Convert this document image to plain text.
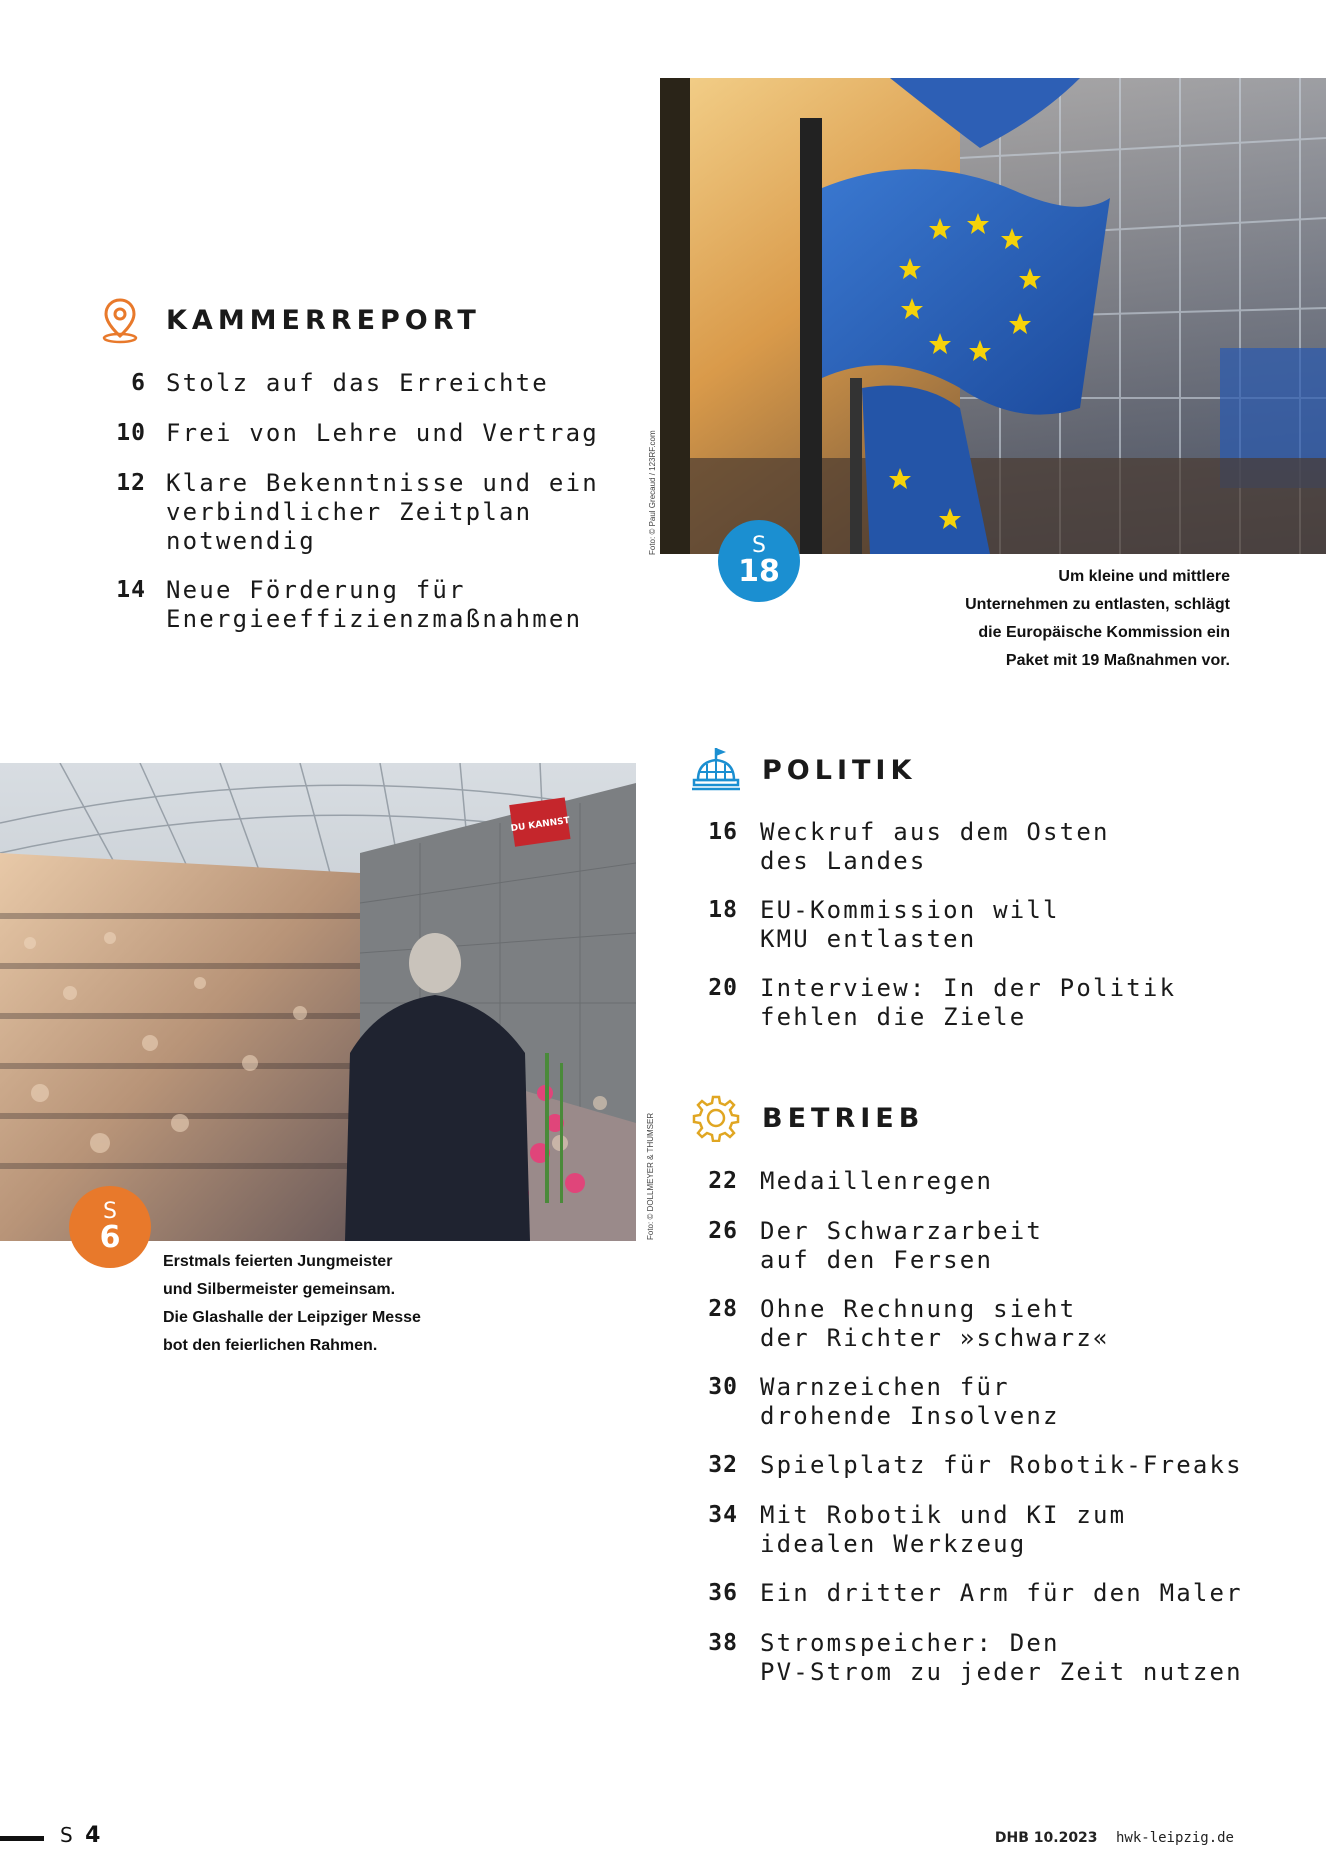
Foto: © Paul Grecaud / 123RF.com	S
18	Um kleine und mittlere
Unternehmen zu entlasten, schlägt
die Europäische Kommission ein
Paket mit 19 Maßnahmen vor.
KAMMERREPORT
6 Stolz auf das Erreichte
10 Frei von Lehre und Vertrag
12 Klare Bekenntnisse und ein
verbindlicher Zeitplan
notwendig
14 Neue Förderung für
Energieeffizienzmaßnahmen
DU KANNST
Foto: © DOLLMEYER & THUMSER
S
6
Erstmals feierten Jungmeister
und Silbermeister gemeinsam.
Die Glashalle der Leipziger Messe
bot den feierlichen Rahmen.
POLITIK
16 Weckruf aus dem Osten
des Landes
18 EU-Kommission will
KMU entlasten
20 Interview: In der Politik
fehlen die Ziele
BETRIEB
22 Medaillenregen
26 Der Schwarzarbeit
auf den Fersen
28 Ohne Rechnung sieht
der Richter »schwarz«
30 Warnzeichen für
drohende Insolvenz
32 Spielplatz für Robotik-Freaks
34 Mit Robotik und KI zum
idealen Werkzeug
36 Ein dritter Arm für den Maler
38 Stromspeicher: Den
PV-Strom zu jeder Zeit nutzen
S 4	DHB 10.2023 hwk-leipzig.de
